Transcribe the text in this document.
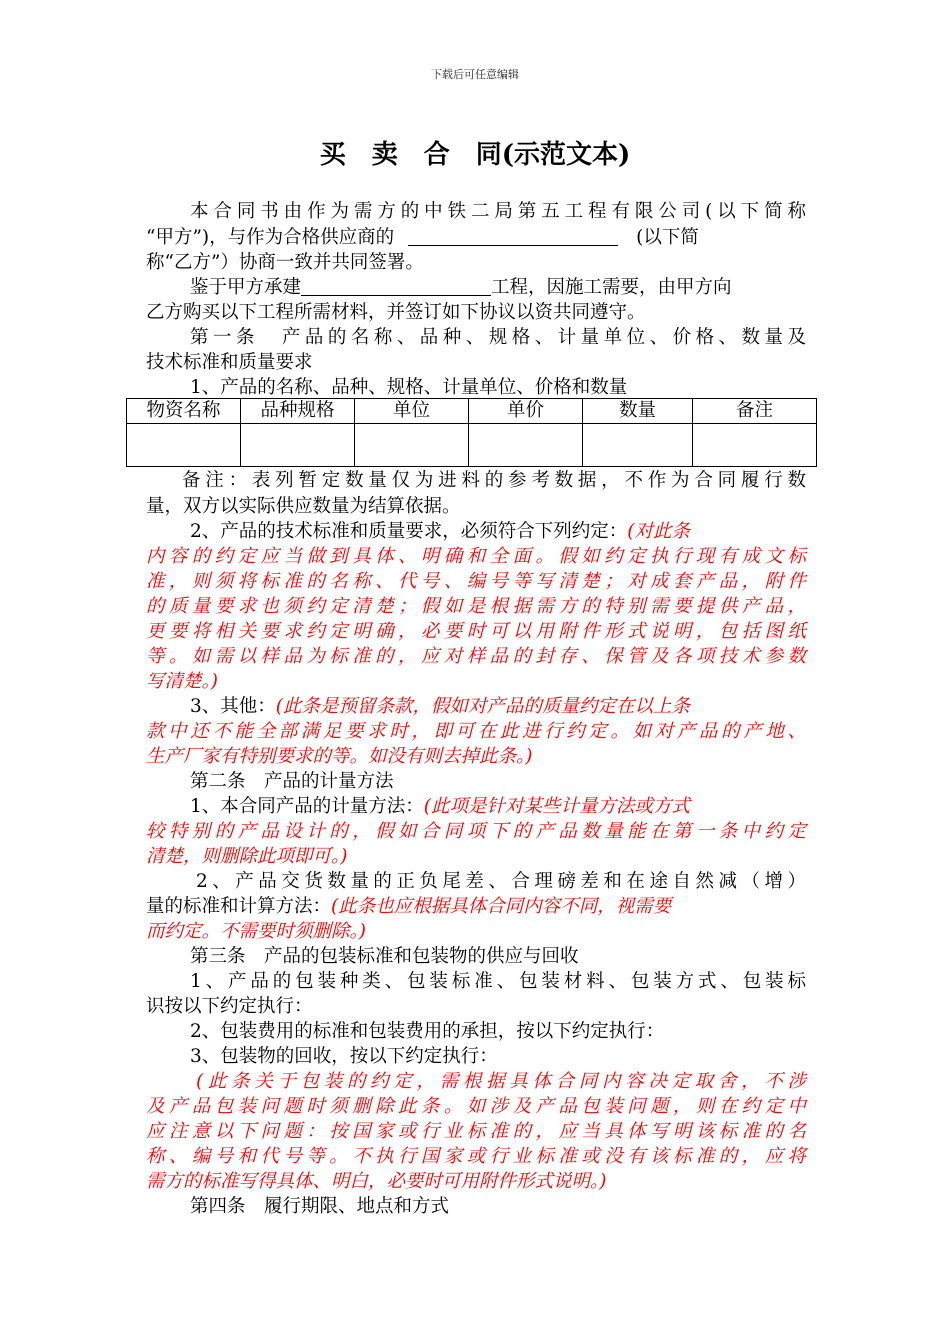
下载后可任意编辑
买　卖　合　同(示范文本)
本合同书由作为需方的中铁二局第五工程有限公司(以下简称
“甲方”)，与作为合格供应商的	(以下简
称“乙方”）协商一致并共同签署。
鉴于甲方承建	工程，因施工需要，由甲方向
乙方购买以下工程所需材料，并签订如下协议以资共同遵守。
第一条　产品的名称、品种、规格、计量单位、价格、数量及
技术标准和质量要求
1、产品的名称、品种、规格、计量单位、价格和数量
物资名称	品种规格	单位	单价	数量	备注

备注：表列暂定数量仅为进料的参考数据，不作为合同履行数
量，双方以实际供应数量为结算依据。
2、产品的技术标准和质量要求，必须符合下列约定：(对此条
内容的约定应当做到具体、明确和全面。假如约定执行现有成文标
准，则须将标准的名称、代号、编号等写清楚；对成套产品，附件
的质量要求也须约定清楚；假如是根据需方的特别需要提供产品，
更要将相关要求约定明确，必要时可以用附件形式说明，包括图纸
等。如需以样品为标准的，应对样品的封存、保管及各项技术参数
写清楚。)
3、其他：(此条是预留条款，假如对产品的质量约定在以上条
款中还不能全部满足要求时，即可在此进行约定。如对产品的产地、
生产厂家有特别要求的等。如没有则去掉此条。)
第二条　产品的计量方法
1、本合同产品的计量方法：(此项是针对某些计量方法或方式
较特别的产品设计的，假如合同项下的产品数量能在第一条中约定
清楚，则删除此项即可。)
2、产品交货数量的正负尾差、合理磅差和在途自然减（增）
量的标准和计算方法：(此条也应根据具体合同内容不同，视需要
而约定。不需要时须删除。)
第三条　产品的包装标准和包装物的供应与回收
1、产品的包装种类、包装标准、包装材料、包装方式、包装标
识按以下约定执行：
2、包装费用的标准和包装费用的承担，按以下约定执行：
3、包装物的回收，按以下约定执行：
(此条关于包装的约定，需根据具体合同内容决定取舍，不涉
及产品包装问题时须删除此条。如涉及产品包装问题，则在约定中
应注意以下问题：按国家或行业标准的，应当具体写明该标准的名
称、编号和代号等。不执行国家或行业标准或没有该标准的，应将
需方的标准写得具体、明白，必要时可用附件形式说明。)
第四条　履行期限、地点和方式
